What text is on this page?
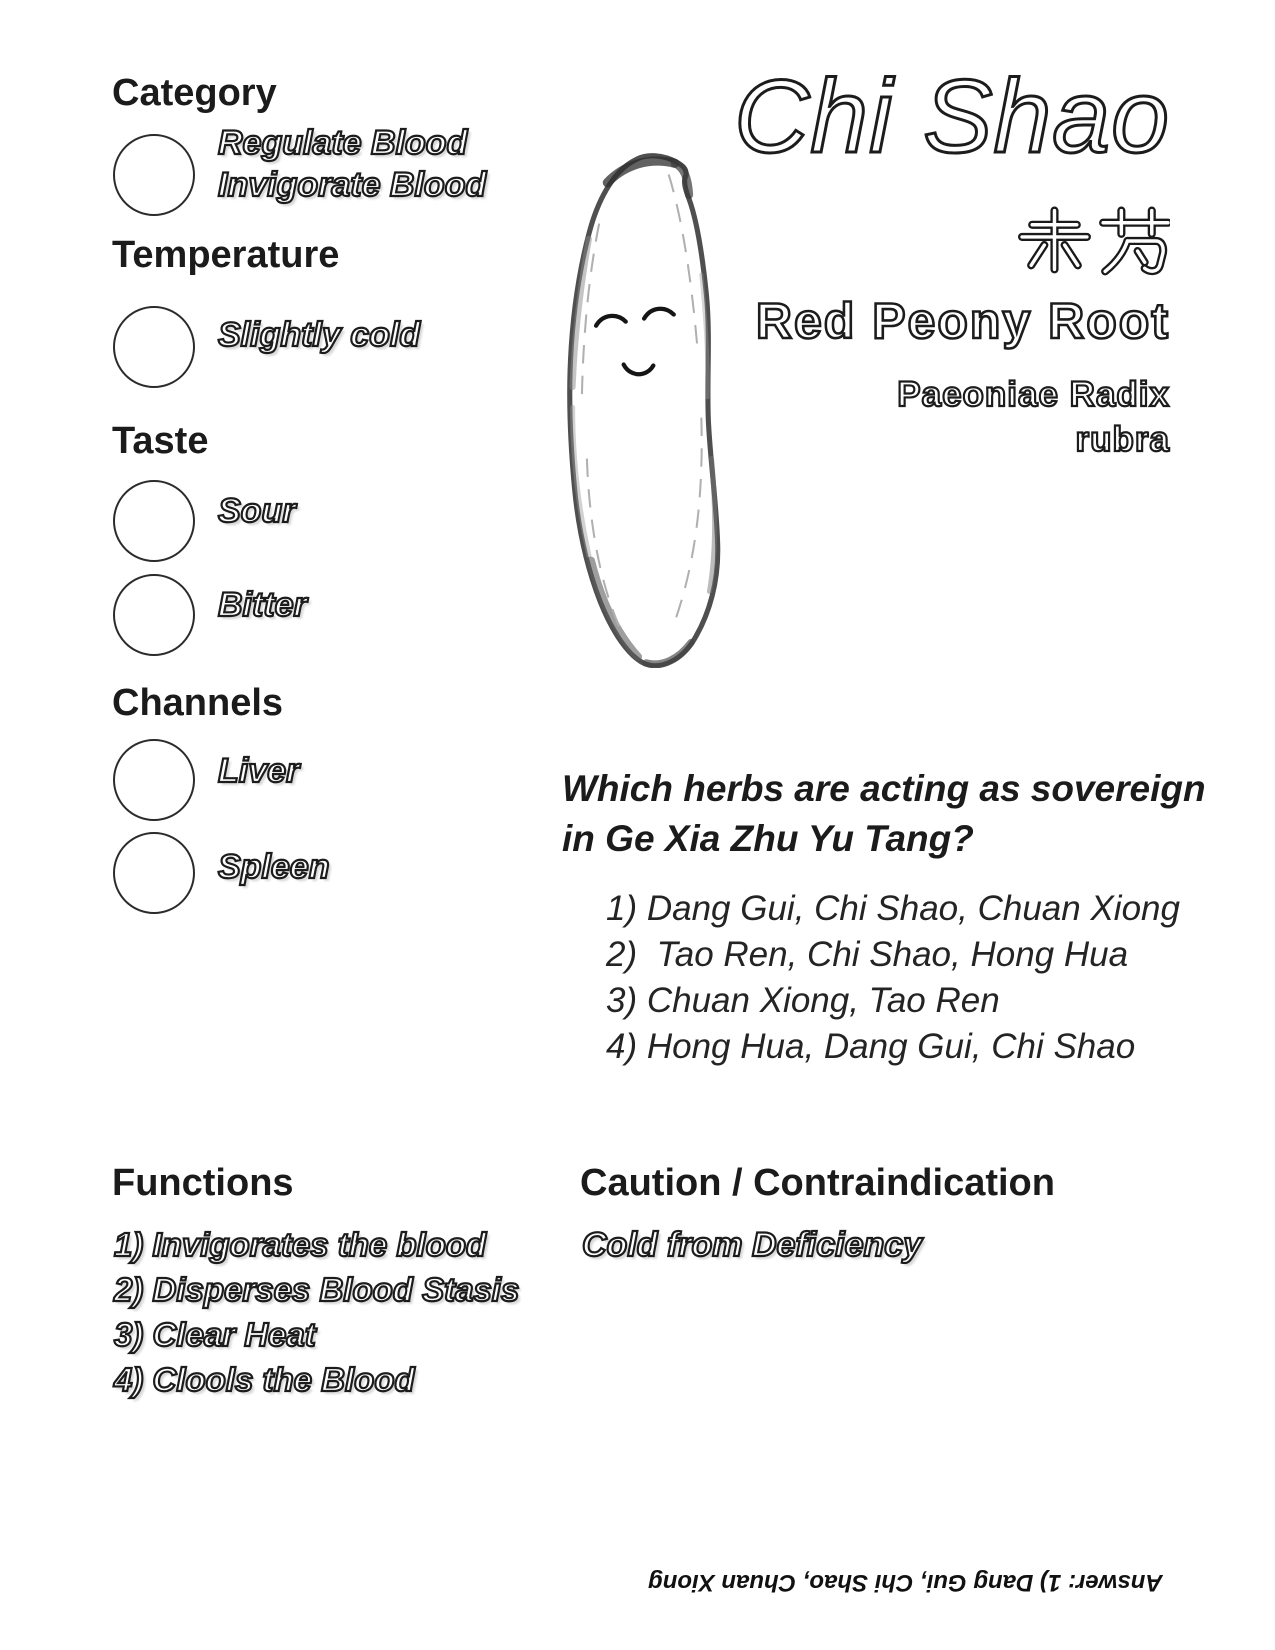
Category
Regulate Blood
Invigorate Blood
Temperature
Slightly cold
Taste
Sour
Bitter
Channels
Liver
Spleen
Chi Shao
Red Peony Root
Paeoniae Radix
rubra
Which herbs are acting as sovereign
in Ge Xia Zhu Yu Tang?
1) Dang Gui, Chi Shao, Chuan Xiong
2)  Tao Ren, Chi Shao, Hong Hua
3) Chuan Xiong, Tao Ren
4) Hong Hua, Dang Gui, Chi Shao
Functions
1) Invigorates the blood
2) Disperses Blood Stasis
3) Clear Heat
4) Clools the Blood
Caution / Contraindication
Cold from Deficiency
Answer: 1) Dang Gui, Chi Shao, Chuan Xiong
